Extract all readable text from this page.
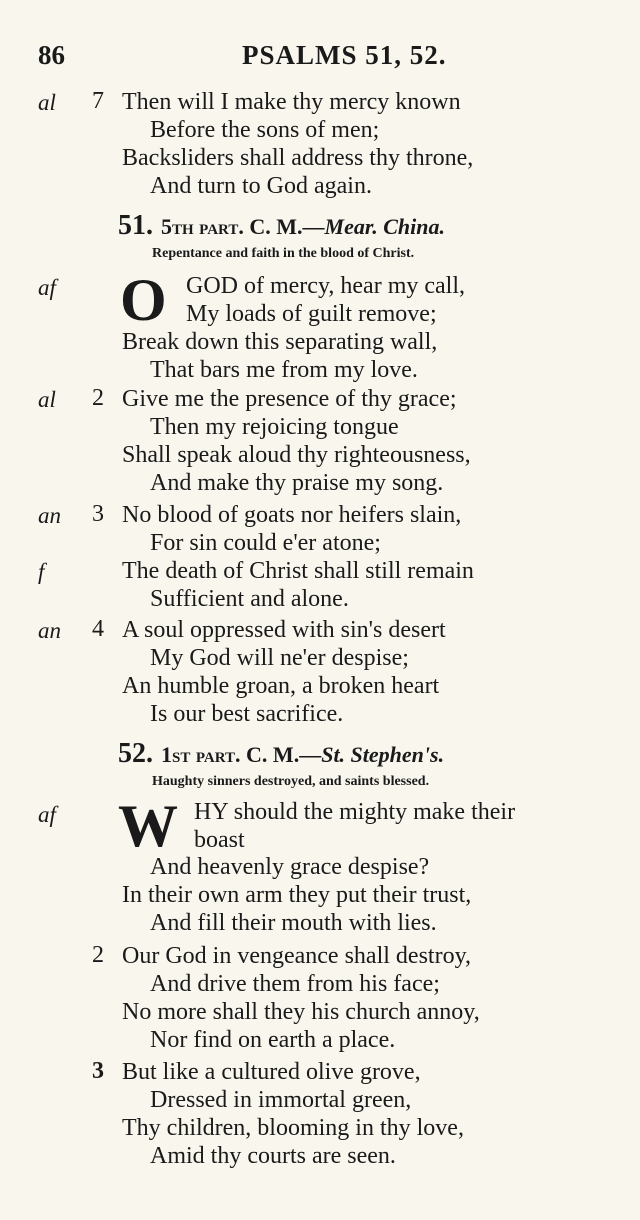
86	PSALMS 51, 52.
al 7 Then will I make thy mercy known
Before the sons of men;
Backsliders shall address thy throne,
And turn to God again.
51. 5th part. C. M.—Mear. China.
Repentance and faith in the blood of Christ.
af O GOD of mercy, hear my call,
My loads of guilt remove;
Break down this separating wall,
That bars me from my love.
al 2 Give me the presence of thy grace;
Then my rejoicing tongue
Shall speak aloud thy righteousness,
And make thy praise my song.
an 3 No blood of goats nor heifers slain,
For sin could e'er atone;
f	The death of Christ shall still remain
Sufficient and alone.
an 4 A soul oppressed with sin's desert
My God will ne'er despise;
An humble groan, a broken heart
Is our best sacrifice.
52. 1st part. C. M.—St. Stephen's.
Haughty sinners destroyed, and saints blessed.
af W HY should the mighty make their
boast
And heavenly grace despise?
In their own arm they put their trust,
And fill their mouth with lies.
2 Our God in vengeance shall destroy,
And drive them from his face;
No more shall they his church annoy,
Nor find on earth a place.
3 But like a cultured olive grove,
Dressed in immortal green,
Thy children, blooming in thy love,
Amid thy courts are seen.
